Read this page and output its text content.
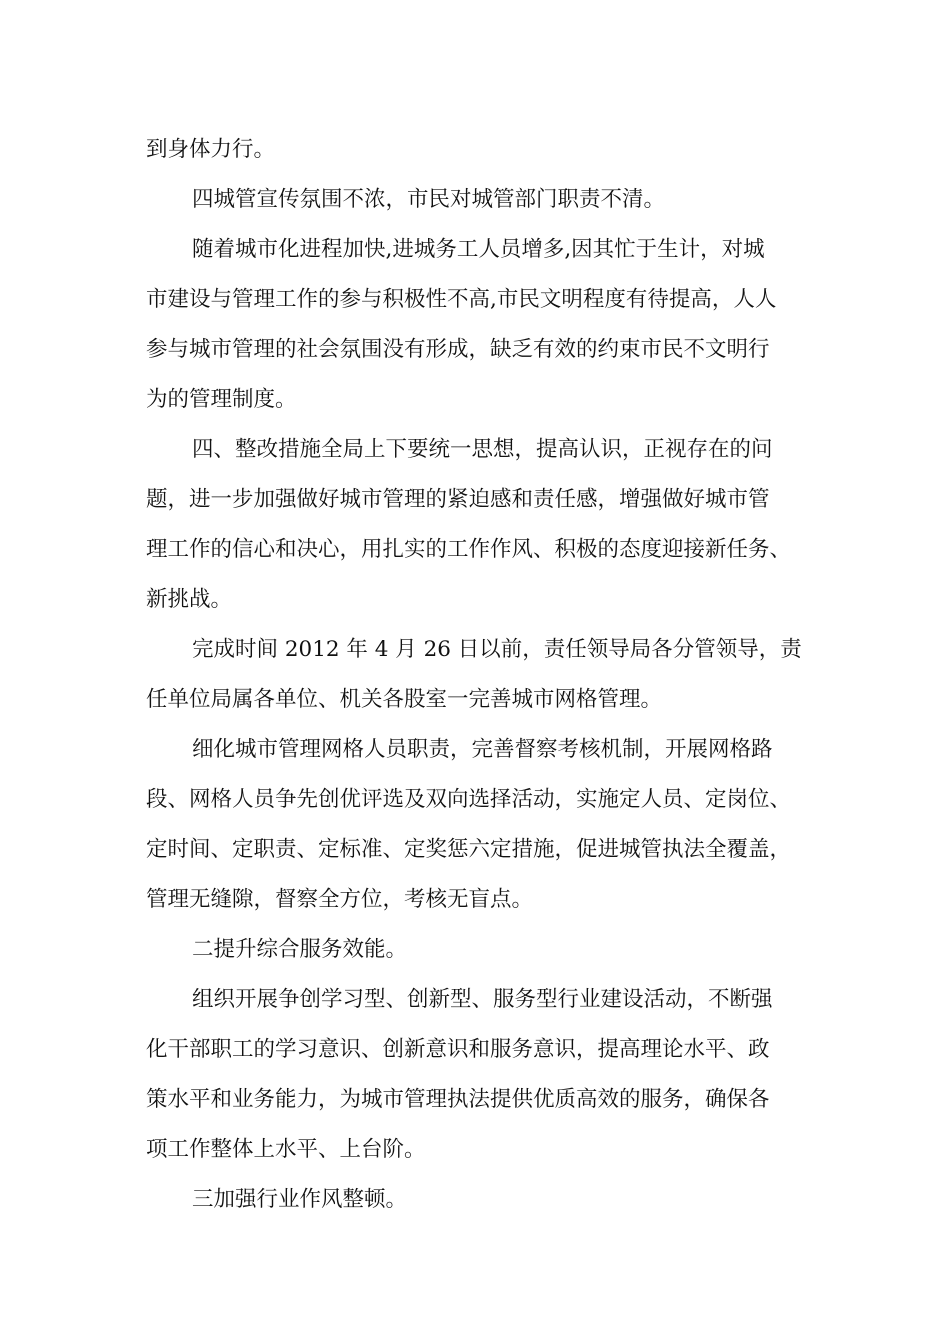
到身体力行。
四城管宣传氛围不浓，市民对城管部门职责不清。
随着城市化进程加快,进城务工人员增多,因其忙于生计，对城
市建设与管理工作的参与积极性不高,市民文明程度有待提高，人人
参与城市管理的社会氛围没有形成，缺乏有效的约束市民不文明行
为的管理制度。
四、整改措施全局上下要统一思想，提高认识，正视存在的问
题，进一步加强做好城市管理的紧迫感和责任感，增强做好城市管
理工作的信心和决心，用扎实的工作作风、积极的态度迎接新任务、
新挑战。
完成时间 2012 年 4 月 26 日以前，责任领导局各分管领导，责
任单位局属各单位、机关各股室一完善城市网格管理。
细化城市管理网格人员职责，完善督察考核机制，开展网格路
段、网格人员争先创优评选及双向选择活动，实施定人员、定岗位、
定时间、定职责、定标准、定奖惩六定措施，促进城管执法全覆盖，
管理无缝隙，督察全方位，考核无盲点。
二提升综合服务效能。
组织开展争创学习型、创新型、服务型行业建设活动，不断强
化干部职工的学习意识、创新意识和服务意识，提高理论水平、政
策水平和业务能力，为城市管理执法提供优质高效的服务，确保各
项工作整体上水平、上台阶。
三加强行业作风整顿。
